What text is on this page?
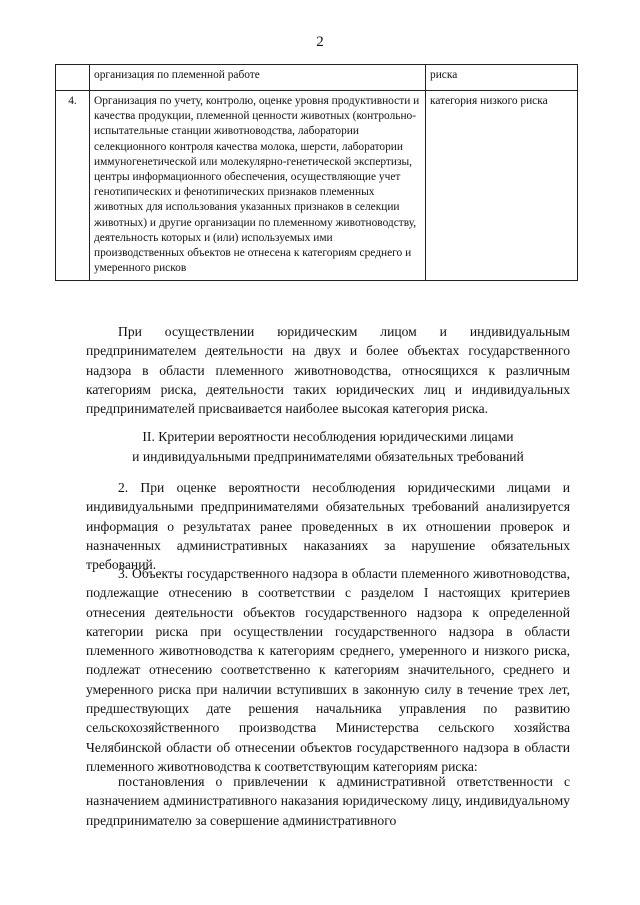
2
	организация по племенной работе	риска
4.	Организация по учету, контролю, оценке уровня продуктивности и качества продукции, племенной ценности животных (контрольно-испытательные станции животноводства, лаборатории селекционного контроля качества молока, шерсти, лаборатории иммуногенетической или молекулярно-генетической экспертизы, центры информационного обеспечения, осуществляющие учет генотипических и фенотипических признаков племенных животных для использования указанных признаков в селекции животных) и другие организации по племенному животноводству, деятельность которых и (или) используемых ими производственных объектов не отнесена к категориям среднего и умеренного рисков	категория низкого риска

При осуществлении юридическим лицом и индивидуальным предпринимателем деятельности на двух и более объектах государственного надзора в области племенного животноводства, относящихся к различным категориям риска, деятельности таких юридических лиц и индивидуальных предпринимателей присваивается наиболее высокая категория риска.

II. Критерии вероятности несоблюдения юридическими лицами
и индивидуальными предпринимателями обязательных требований

2. При оценке вероятности несоблюдения юридическими лицами и индивидуальными предпринимателями обязательных требований анализируется информация о результатах ранее проведенных в их отношении проверок и назначенных административных наказаниях за нарушение обязательных требований.

3. Объекты государственного надзора в области племенного животноводства, подлежащие отнесению в соответствии с разделом I настоящих критериев отнесения деятельности объектов государственного надзора к определенной категории риска при осуществлении государственного надзора в области племенного животноводства к категориям среднего, умеренного и низкого риска, подлежат отнесению соответственно к категориям значительного, среднего и умеренного риска при наличии вступивших в законную силу в течение трех лет, предшествующих дате решения начальника управления по развитию сельскохозяйственного производства Министерства сельского хозяйства Челябинской области об отнесении объектов государственного надзора в области племенного животноводства к соответствующим категориям риска:

постановления о привлечении к административной ответственности с назначением административного наказания юридическому лицу, индивидуальному предпринимателю за совершение административного
